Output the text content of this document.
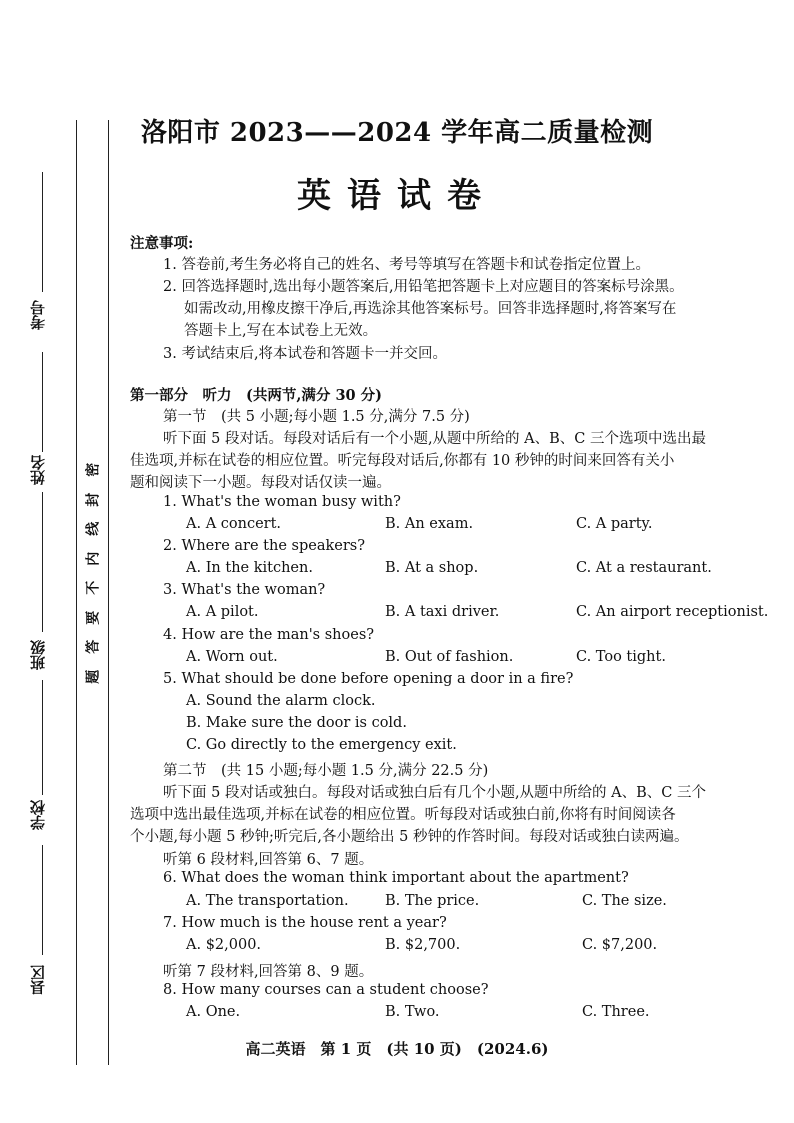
考号
姓名
班级
学校
县区
密
封
线
内
不
要
答
题
洛阳市 2023——2024 学年高二质量检测
英语试卷
注意事项:
1. 答卷前,考生务必将自己的姓名、考号等填写在答题卡和试卷指定位置上。
2. 回答选择题时,选出每小题答案后,用铅笔把答题卡上对应题目的答案标号涂黑。
如需改动,用橡皮擦干净后,再选涂其他答案标号。回答非选择题时,将答案写在
答题卡上,写在本试卷上无效。
3. 考试结束后,将本试卷和答题卡一并交回。
第一部分　听力　(共两节,满分 30 分)
第一节　(共 5 小题;每小题 1.5 分,满分 7.5 分)
听下面 5 段对话。每段对话后有一个小题,从题中所给的 A、B、C 三个选项中选出最
佳选项,并标在试卷的相应位置。听完每段对话后,你都有 10 秒钟的时间来回答有关小
题和阅读下一小题。每段对话仅读一遍。
1. What's the woman busy with?
A. A concert.	B. An exam.	C. A party.
2. Where are the speakers?
A. In the kitchen.	B. At a shop.	C. At a restaurant.
3. What's the woman?
A. A pilot.	B. A taxi driver.	C. An airport receptionist.
4. How are the man's shoes?
A. Worn out.	B. Out of fashion.	C. Too tight.
5. What should be done before opening a door in a fire?
A. Sound the alarm clock.
B. Make sure the door is cold.
C. Go directly to the emergency exit.
第二节　(共 15 小题;每小题 1.5 分,满分 22.5 分)
听下面 5 段对话或独白。每段对话或独白后有几个小题,从题中所给的 A、B、C 三个
选项中选出最佳选项,并标在试卷的相应位置。听每段对话或独白前,你将有时间阅读各
个小题,每小题 5 秒钟;听完后,各小题给出 5 秒钟的作答时间。每段对话或独白读两遍。
听第 6 段材料,回答第 6、7 题。
6. What does the woman think important about the apartment?
A. The transportation.	B. The price.	C. The size.
7. How much is the house rent a year?
A. $2,000.	B. $2,700.	C. $7,200.
听第 7 段材料,回答第 8、9 题。
8. How many courses can a student choose?
A. One.	B. Two.	C. Three.
高二英语　第 1 页　(共 10 页)　(2024.6)
